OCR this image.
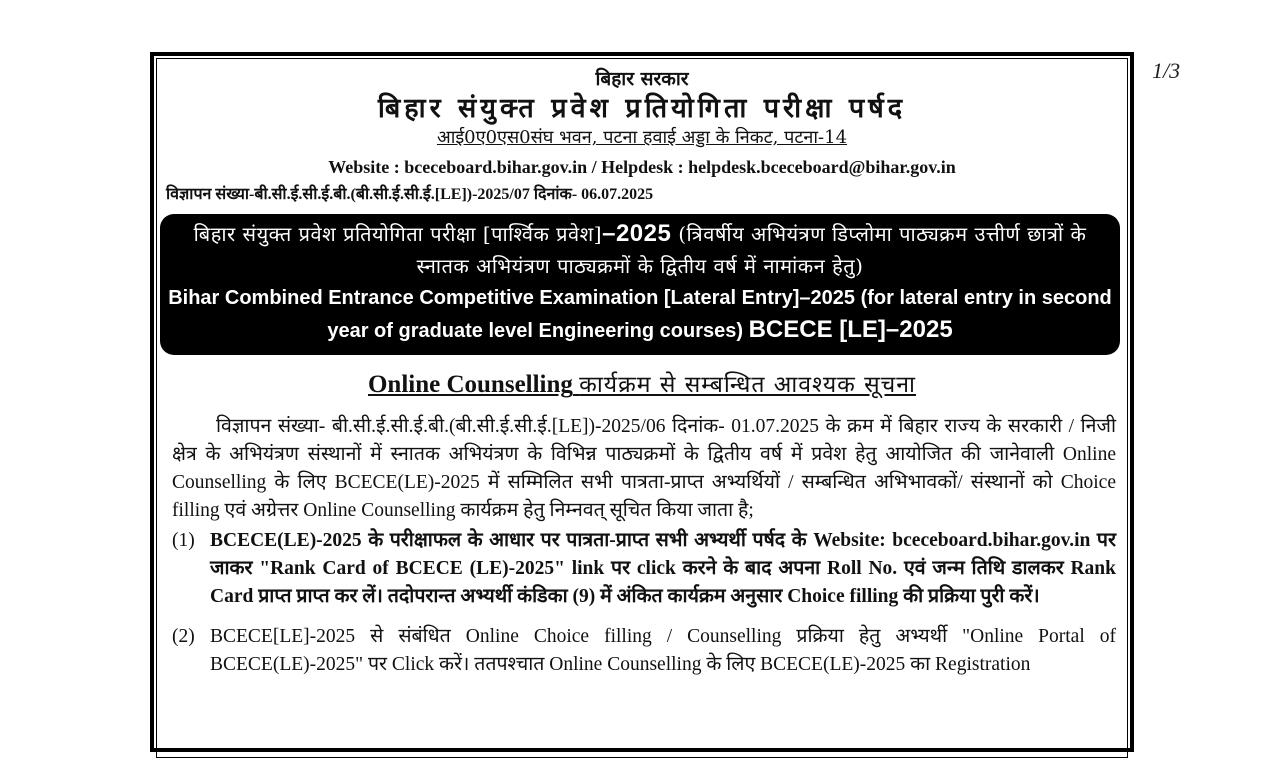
1/3
बिहार सरकार
बिहार संयुक्त प्रवेश प्रतियोगिता परीक्षा पर्षद
आई0ए0एस0संघ भवन, पटना हवाई अड्डा के निकट, पटना-14
Website : bceceboard.bihar.gov.in / Helpdesk : helpdesk.bceceboard@bihar.gov.in
विज्ञापन संख्या-बी.सी.ई.सी.ई.बी.(बी.सी.ई.सी.ई.[LE])-2025/07 दिनांक- 06.07.2025
बिहार संयुक्त प्रवेश प्रतियोगिता परीक्षा [पार्श्विक प्रवेश]–2025 (त्रिवर्षीय अभियंत्रण डिप्लोमा पाठ्यक्रम उत्तीर्ण छात्रों के स्नातक अभियंत्रण पाठ्यक्रमों के द्वितीय वर्ष में नामांकन हेतु)
Bihar Combined Entrance Competitive Examination [Lateral Entry]–2025 (for lateral entry in second year of graduate level Engineering courses) BCECE [LE]–2025
Online Counselling कार्यक्रम से सम्बन्धित आवश्यक सूचना
विज्ञापन संख्या- बी.सी.ई.सी.ई.बी.(बी.सी.ई.सी.ई.[LE])-2025/06 दिनांक- 01.07.2025 के क्रम में बिहार राज्य के सरकारी / निजी क्षेत्र के अभियंत्रण संस्थानों में स्नातक अभियंत्रण के विभिन्न पाठ्यक्रमों के द्वितीय वर्ष में प्रवेश हेतु आयोजित की जानेवाली Online Counselling के लिए BCECE(LE)-2025 में सम्मिलित सभी पात्रता-प्राप्त अभ्यर्थियों / सम्बन्धित अभिभावकों/ संस्थानों को Choice filling एवं अग्रेत्तर Online Counselling कार्यक्रम हेतु निम्नवत् सूचित किया जाता है;
(1) BCECE(LE)-2025 के परीक्षाफल के आधार पर पात्रता-प्राप्त सभी अभ्यर्थी पर्षद के Website: bceceboard.bihar.gov.in पर जाकर "Rank Card of BCECE (LE)-2025" link पर click करने के बाद अपना Roll No. एवं जन्म तिथि डालकर Rank Card प्राप्त प्राप्त कर लें। तदोपरान्त अभ्यर्थी कंडिका (9) में अंकित कार्यक्रम अनुसार Choice filling की प्रक्रिया पुरी करें।
(2) BCECE[LE]-2025 से संबंधित Online Choice filling / Counselling प्रक्रिया हेतु अभ्यर्थी "Online Portal of BCECE(LE)-2025" पर Click करें। ततपश्चात Online Counselling के लिए BCECE(LE)-2025 का Registration
